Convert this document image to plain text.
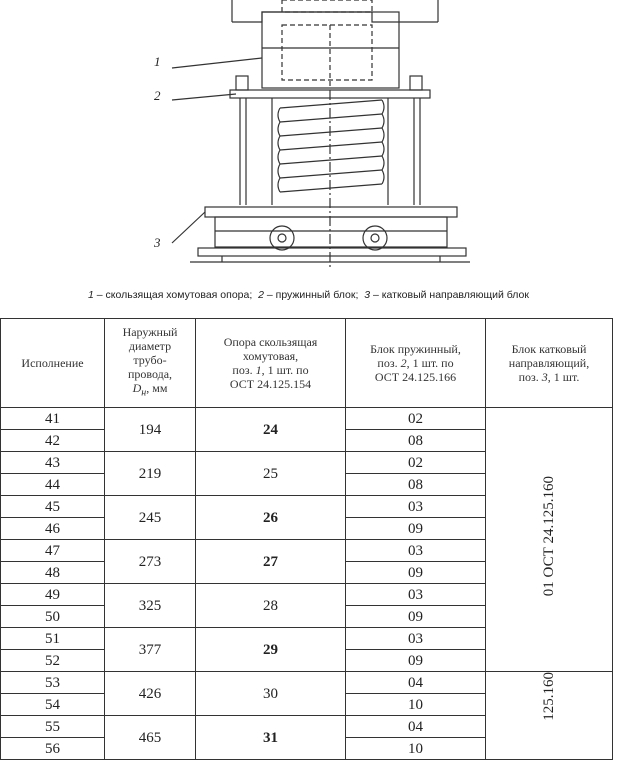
1
2
3
1 – скользящая хомутовая опора; 2 – пружинный блок; 3 – катковый направляющий блок
Исполнение	Наружный
диаметр
трубо-
провода,
$D_н$, мм	Опора скользящая
хомутовая,
поз. 1, 1 шт. по
ОСТ 24.125.154	Блок пружинный,
поз. 2, 1 шт. по
ОСТ 24.125.166	Блок катковый
направляющий,
поз. 3, 1 шт.
41	194	24	02	01 ОСТ 24.125.160
42			08	
43	219	25	02	
44			08	
45	245	26	03	
46			09	
47	273	27	03	
48			09	
49	325	28	03	
50			09	
51	377	29	03	
52			09	
53	426	30	04	125.160
54			10	
55	465	31	04	
56			10	
